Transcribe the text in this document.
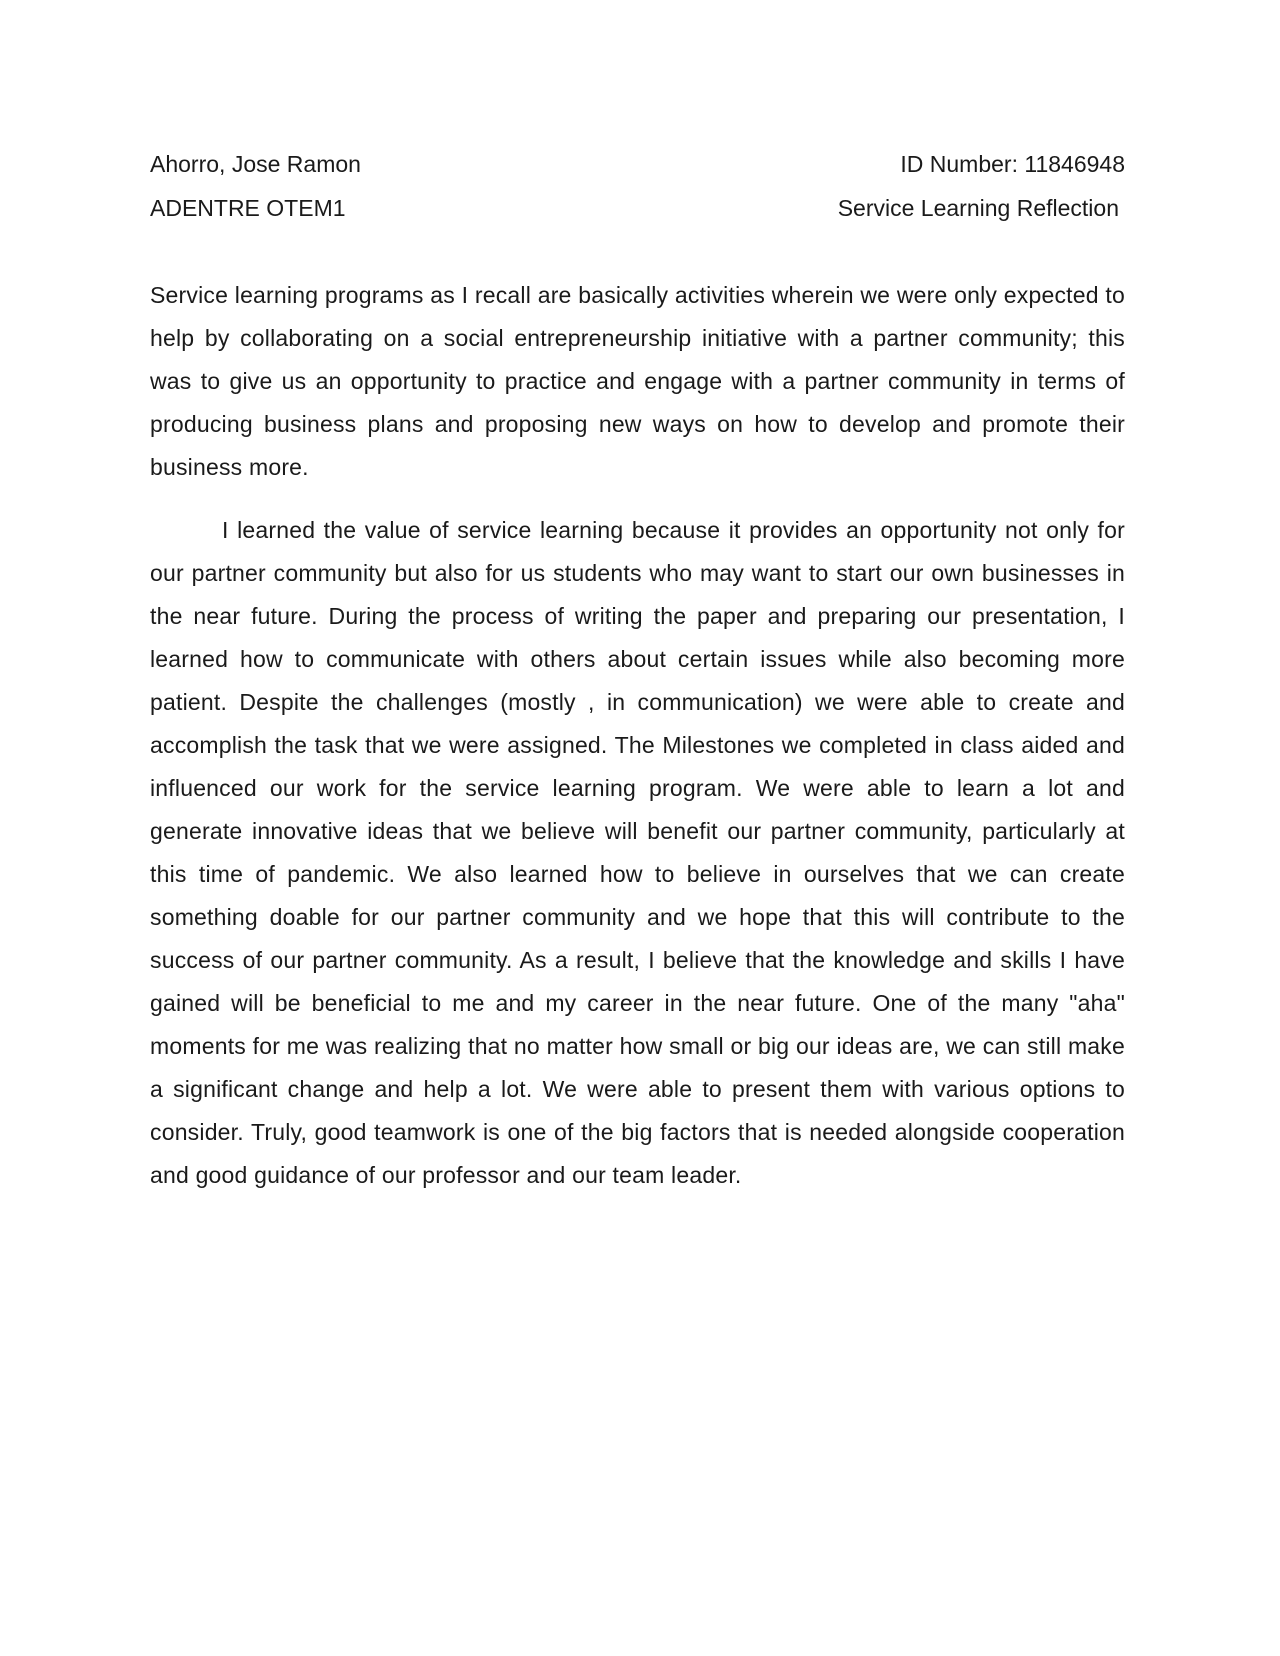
Ahorro, Jose Ramon	ID Number: 11846948
ADENTRE OTEM1	Service Learning Reflection

Service learning programs as I recall are basically activities wherein we were only expected to help by collaborating on a social entrepreneurship initiative with a partner community; this was to give us an opportunity to practice and engage with a partner community in terms of producing business plans and proposing new ways on how to develop and promote their business more.

I learned the value of service learning because it provides an opportunity not only for our partner community but also for us students who may want to start our own businesses in the near future. During the process of writing the paper and preparing our presentation, I learned how to communicate with others about certain issues while also becoming more patient. Despite the challenges (mostly , in communication) we were able to create and accomplish the task that we were assigned. The Milestones we completed in class aided and influenced our work for the service learning program. We were able to learn a lot and generate innovative ideas that we believe will benefit our partner community, particularly at this time of pandemic. We also learned how to believe in ourselves that we can create something doable for our partner community and we hope that this will contribute to the success of our partner community. As a result, I believe that the knowledge and skills I have gained will be beneficial to me and my career in the near future. One of the many "aha" moments for me was realizing that no matter how small or big our ideas are, we can still make a significant change and help a lot. We were able to present them with various options to consider. Truly, good teamwork is one of the big factors that is needed alongside cooperation and good guidance of our professor and our team leader.
